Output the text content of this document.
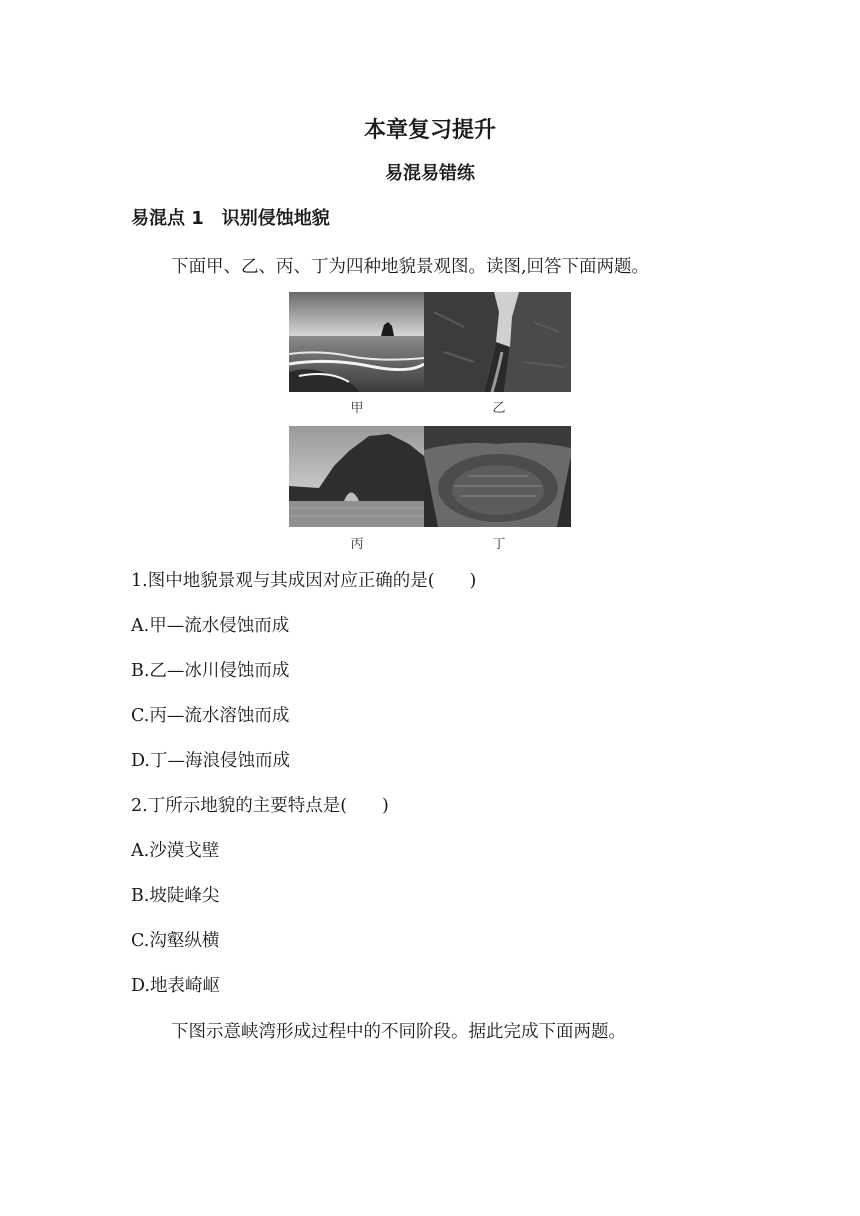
本章复习提升
易混易错练
易混点 1　识别侵蚀地貌
下面甲、乙、丙、丁为四种地貌景观图。读图,回答下面两题。
甲	乙
丙	丁
1.图中地貌景观与其成因对应正确的是(　　)
A.甲—流水侵蚀而成
B.乙—冰川侵蚀而成
C.丙—流水溶蚀而成
D.丁—海浪侵蚀而成
2.丁所示地貌的主要特点是(　　)
A.沙漠戈壁
B.坡陡峰尖
C.沟壑纵横
D.地表崎岖
下图示意峡湾形成过程中的不同阶段。据此完成下面两题。
